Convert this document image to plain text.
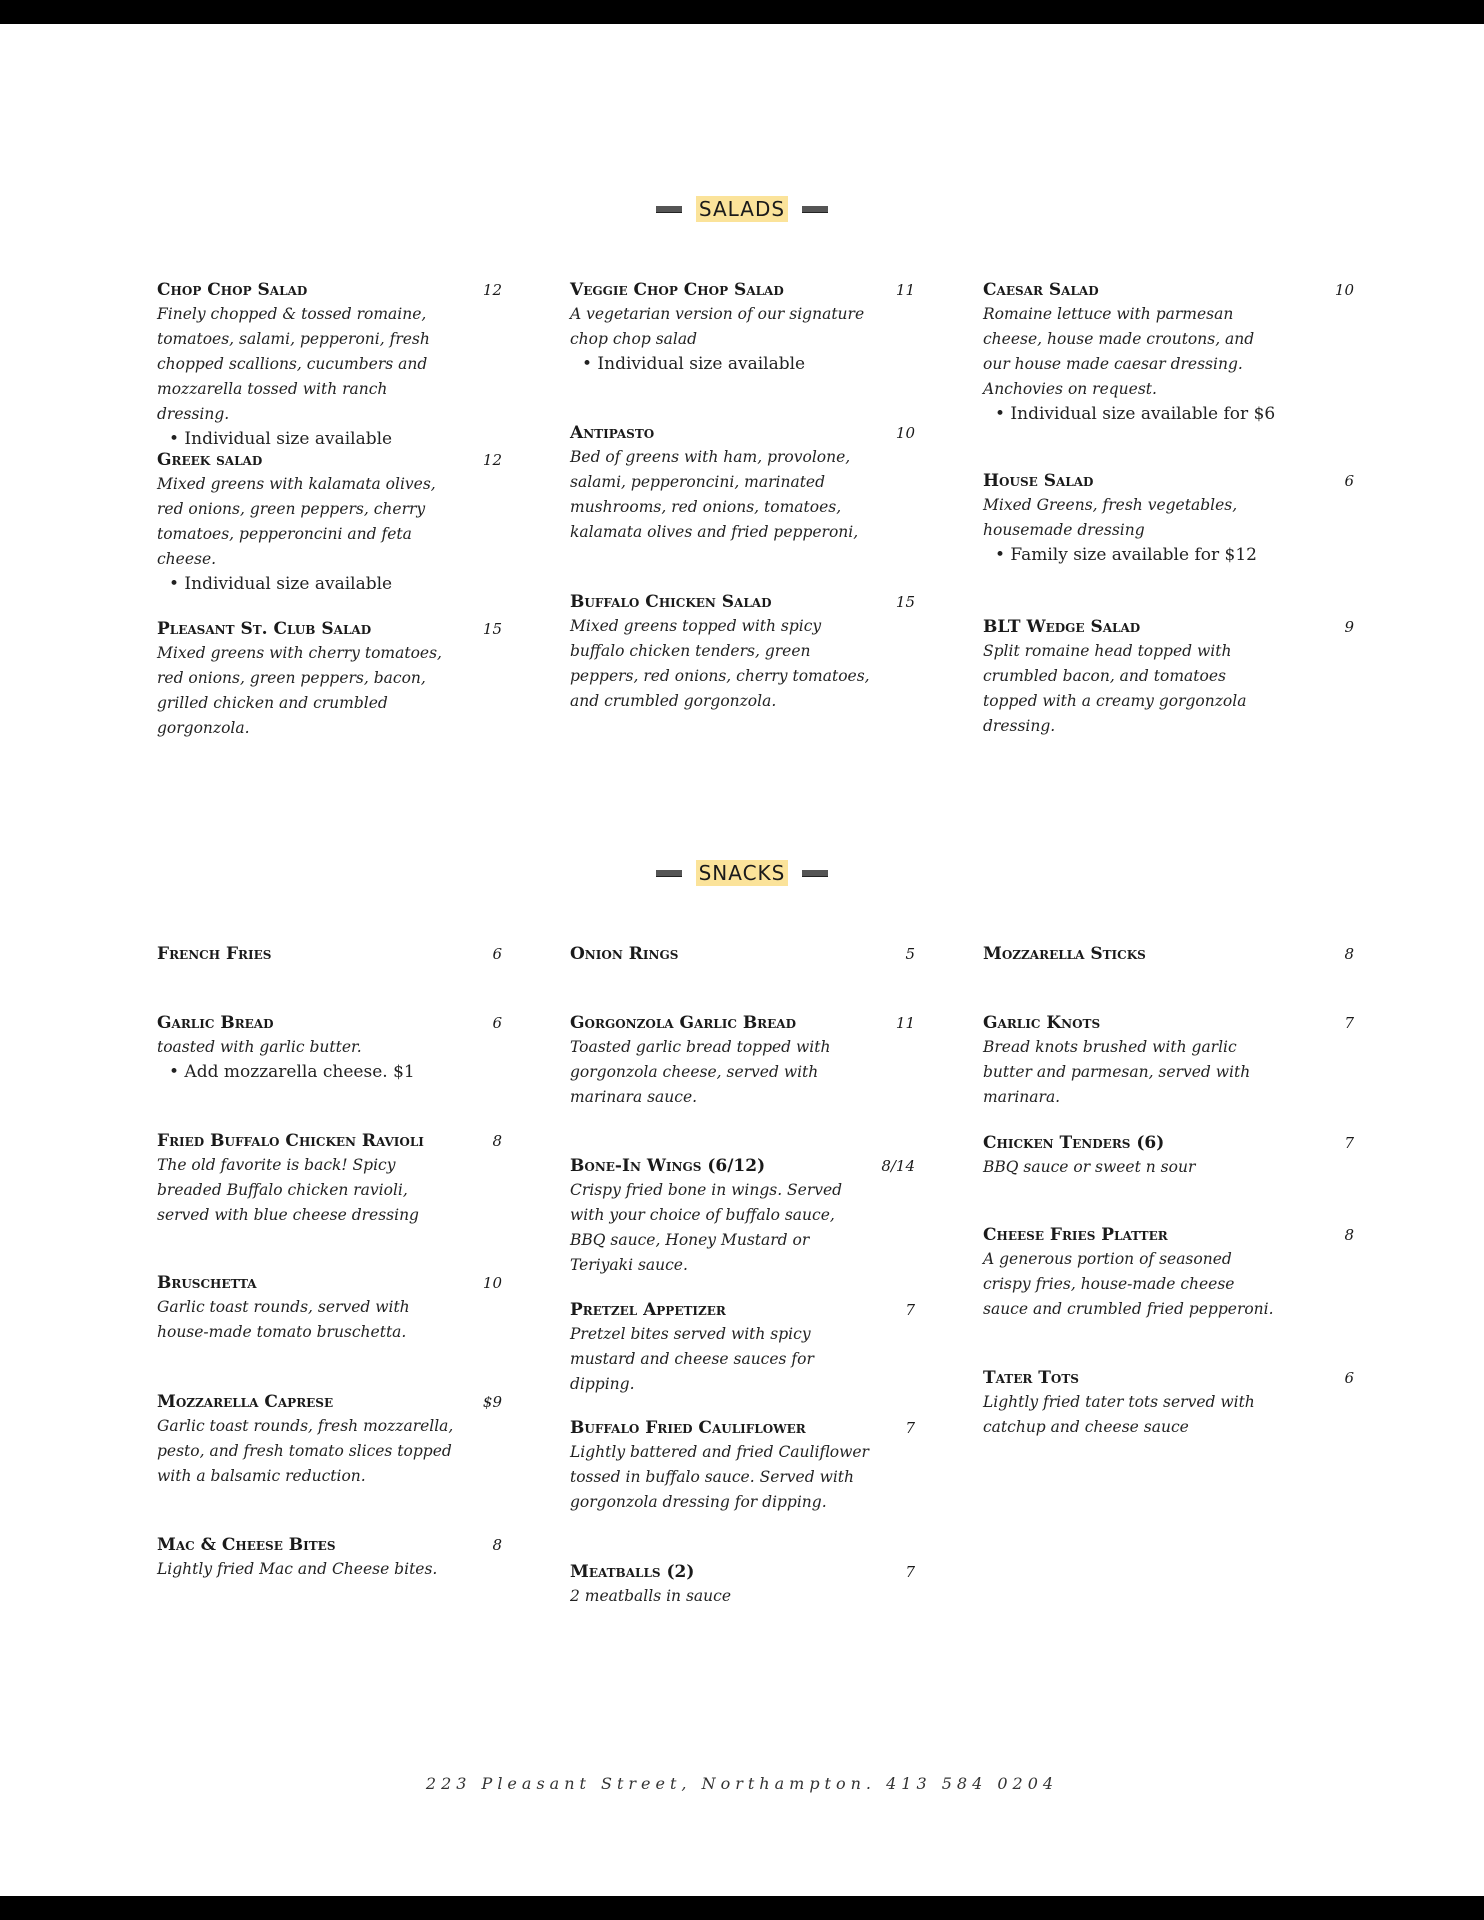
SALADS
SNACKS
Chop Chop Salad	12
Finely chopped & tossed romaine, tomatoes, salami, pepperoni, fresh chopped scallions, cucumbers and mozzarella tossed with ranch dressing.
• Individual size available
Greek salad	12
Mixed greens with kalamata olives, red onions, green peppers, cherry tomatoes, pepperoncini and feta cheese.
• Individual size available
Pleasant St. Club Salad	15
Mixed greens with cherry tomatoes, red onions, green peppers, bacon, grilled chicken and crumbled gorgonzola.
Veggie Chop Chop Salad	11
A vegetarian version of our signature chop chop salad
• Individual size available
Antipasto	10
Bed of greens with ham, provolone, salami, pepperoncini, marinated mushrooms, red onions, tomatoes, kalamata olives and fried pepperoni,
Buffalo Chicken Salad	15
Mixed greens topped with spicy buffalo chicken tenders, green peppers, red onions, cherry tomatoes, and crumbled gorgonzola.
Caesar Salad	10
Romaine lettuce with parmesan cheese, house made croutons, and our house made caesar dressing. Anchovies on request.
• Individual size available for $6
House Salad	6
Mixed Greens, fresh vegetables, housemade dressing
• Family size available for $12
BLT Wedge Salad	9
Split romaine head topped with crumbled bacon, and tomatoes topped with a creamy gorgonzola dressing.
French Fries	6
Garlic Bread	6
toasted with garlic butter.
• Add mozzarella cheese. $1
Fried Buffalo Chicken Ravioli	8
The old favorite is back! Spicy breaded Buffalo chicken ravioli, served with blue cheese dressing
Bruschetta	10
Garlic toast rounds, served with house-made tomato bruschetta.
Mozzarella Caprese	$9
Garlic toast rounds, fresh mozzarella, pesto, and fresh tomato slices topped with a balsamic reduction.
Mac & Cheese Bites	8
Lightly fried Mac and Cheese bites.
Onion Rings	5
Gorgonzola Garlic Bread	11
Toasted garlic bread topped with gorgonzola cheese, served with marinara sauce.
Bone-In Wings (6/12)	8/14
Crispy fried bone in wings. Served with your choice of buffalo sauce, BBQ sauce, Honey Mustard or Teriyaki sauce.
Pretzel Appetizer	7
Pretzel bites served with spicy mustard and cheese sauces for dipping.
Buffalo Fried Cauliflower	7
Lightly battered and fried Cauliflower tossed in buffalo sauce. Served with gorgonzola dressing for dipping.
Meatballs (2)	7
2 meatballs in sauce
Mozzarella Sticks	8
Garlic Knots	7
Bread knots brushed with garlic butter and parmesan, served with marinara.
Chicken Tenders (6)	7
BBQ sauce or sweet n sour
Cheese Fries Platter	8
A generous portion of seasoned crispy fries, house-made cheese sauce and crumbled fried pepperoni.
Tater Tots	6
Lightly fried tater tots served with catchup and cheese sauce
223 Pleasant Street, Northampton. 413 584 0204
